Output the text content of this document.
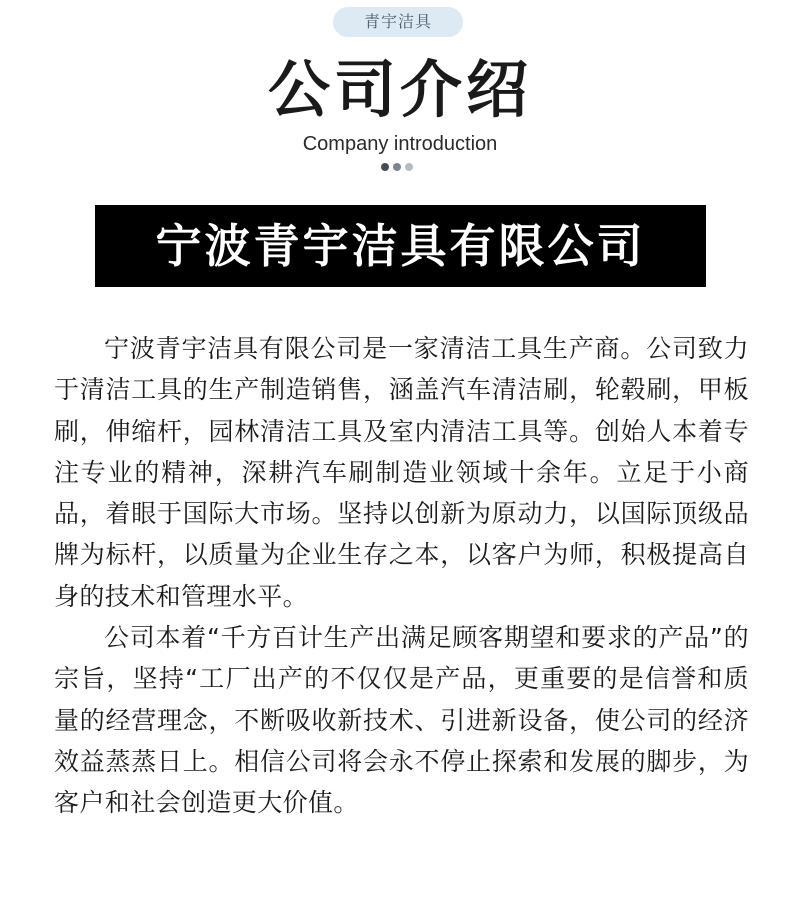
青宇洁具
公司介绍
Company introduction
宁波青宇洁具有限公司

宁波青宇洁具有限公司是一家清洁工具生产商。公司致力于清洁工具的生产制造销售，涵盖汽车清洁刷，轮毂刷，甲板刷，伸缩杆，园林清洁工具及室内清洁工具等。创始人本着专注专业的精神，深耕汽车刷制造业领域十余年。立足于小商品，着眼于国际大市场。坚持以创新为原动力，以国际顶级品牌为标杆，以质量为企业生存之本，以客户为师，积极提高自身的技术和管理水平。

公司本着“千方百计生产出满足顾客期望和要求的产品”的宗旨，坚持“工厂出产的不仅仅是产品，更重要的是信誉和质量的经营理念，不断吸收新技术、引进新设备，使公司的经济效益蒸蒸日上。相信公司将会永不停止探索和发展的脚步，为客户和社会创造更大价值。
